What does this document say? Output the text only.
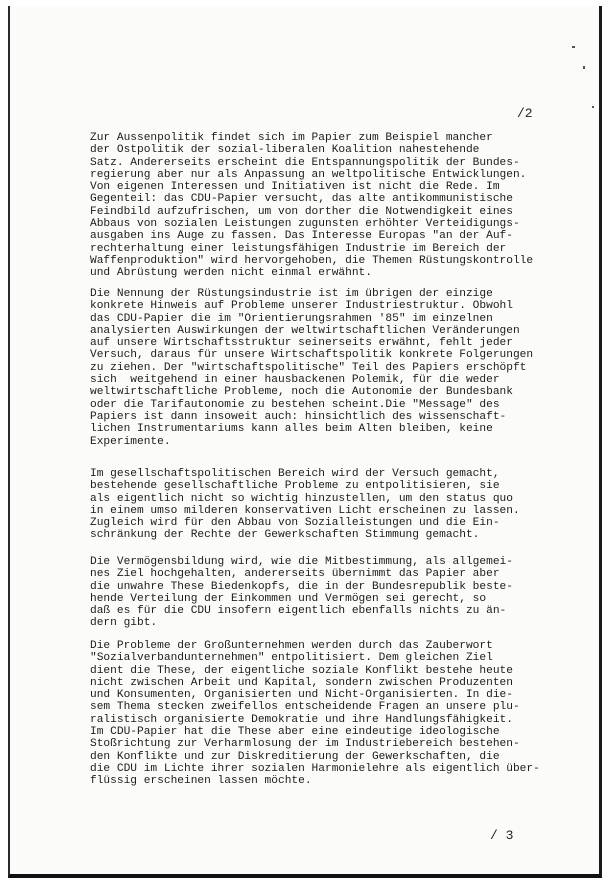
/2

Zur Aussenpolitik findet sich im Papier zum Beispiel mancher
der Ostpolitik der sozial-liberalen Koalition nahestehende
Satz. Andererseits erscheint die Entspannungspolitik der Bundes-
regierung aber nur als Anpassung an weltpolitische Entwicklungen.
Von eigenen Interessen und Initiativen ist nicht die Rede. Im
Gegenteil: das CDU-Papier versucht, das alte antikommunistische
Feindbild aufzufrischen, um von dorther die Notwendigkeit eines
Abbaus von sozialen Leistungen zugunsten erhöhter Verteidigungs-
ausgaben ins Auge zu fassen. Das Interesse Europas "an der Auf-
rechterhaltung einer leistungsfähigen Industrie im Bereich der
Waffenproduktion" wird hervorgehoben, die Themen Rüstungskontrolle
und Abrüstung werden nicht einmal erwähnt.
Die Nennung der Rüstungsindustrie ist im übrigen der einzige
konkrete Hinweis auf Probleme unserer Industriestruktur. Obwohl
das CDU-Papier die im "Orientierungsrahmen '85" im einzelnen
analysierten Auswirkungen der weltwirtschaftlichen Veränderungen
auf unsere Wirtschaftsstruktur seinerseits erwähnt, fehlt jeder
Versuch, daraus für unsere Wirtschaftspolitik konkrete Folgerungen
zu ziehen. Der "wirtschaftspolitische" Teil des Papiers erschöpft
sich  weitgehend in einer hausbackenen Polemik, für die weder
weltwirtschaftliche Probleme, noch die Autonomie der Bundesbank
oder die Tarifautonomie zu bestehen scheint.Die "Message" des
Papiers ist dann insoweit auch: hinsichtlich des wissenschaft-
lichen Instrumentariums kann alles beim Alten bleiben, keine
Experimente.
Im gesellschaftspolitischen Bereich wird der Versuch gemacht,
bestehende gesellschaftliche Probleme zu entpolitisieren, sie
als eigentlich nicht so wichtig hinzustellen, um den status quo
in einem umso milderen konservativen Licht erscheinen zu lassen.
Zugleich wird für den Abbau von Sozialleistungen und die Ein-
schränkung der Rechte der Gewerkschaften Stimmung gemacht.
Die Vermögensbildung wird, wie die Mitbestimmung, als allgemei-
nes Ziel hochgehalten, andererseits übernimmt das Papier aber
die unwahre These Biedenkopfs, die in der Bundesrepublik beste-
hende Verteilung der Einkommen und Vermögen sei gerecht, so
daß es für die CDU insofern eigentlich ebenfalls nichts zu än-
dern gibt.
Die Probleme der Großunternehmen werden durch das Zauberwort
"Sozialverbandunternehmen" entpolitisiert. Dem gleichen Ziel
dient die These, der eigentliche soziale Konflikt bestehe heute
nicht zwischen Arbeit und Kapital, sondern zwischen Produzenten
und Konsumenten, Organisierten und Nicht-Organisierten. In die-
sem Thema stecken zweifellos entscheidende Fragen an unsere plu-
ralistisch organisierte Demokratie und ihre Handlungsfähigkeit.
Im CDU-Papier hat die These aber eine eindeutige ideologische
Stoßrichtung zur Verharmlosung der im Industriebereich bestehen-
den Konflikte und zur Diskreditierung der Gewerkschaften, die
die CDU im Lichte ihrer sozialen Harmonielehre als eigentlich über-
flüssig erscheinen lassen möchte.

/ 3
